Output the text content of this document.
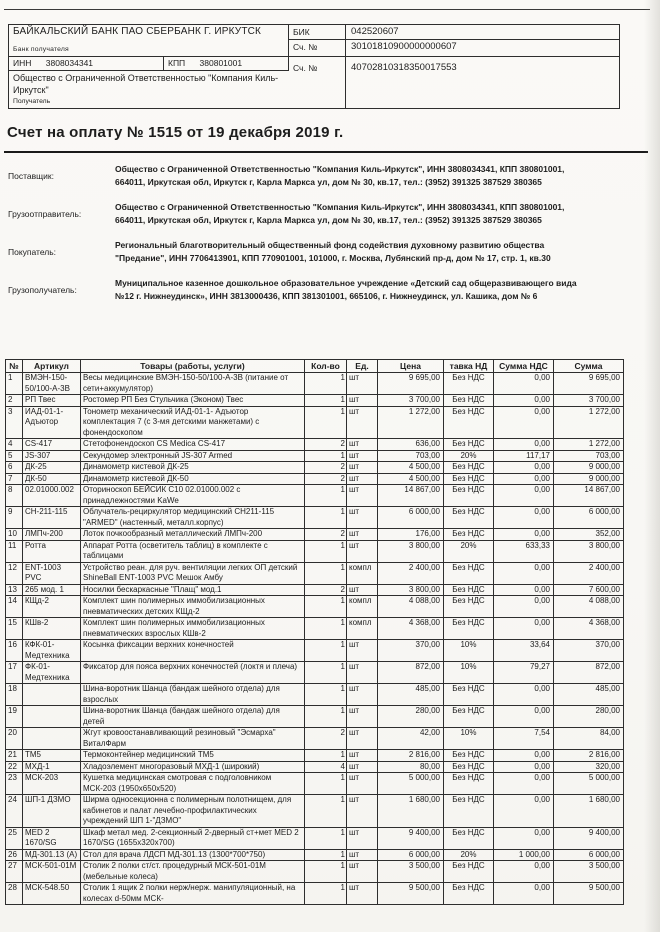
БАЙКАЛЬСКИЙ БАНК ПАО СБЕРБАНК Г. ИРКУТСК
Банк получателя
БИК	042520607
Сч. №	30101810900000000607
ИНН 3808034341	КПП 380801001	Сч. №	40702810318350017553
Общество с Ограниченной Ответственностью "Компания Киль-Иркутск"
Получатель
Счет на оплату № 1515 от 19 декабря 2019 г.
Поставщик:
Общество с Ограниченной Ответственностью "Компания Киль-Иркутск", ИНН 3808034341, КПП 380801001, 664011, Иркутская обл, Иркутск г, Карла Маркса ул, дом № 30, кв.17, тел.: (3952) 391325 387529 380365
Грузоотправитель:
Общество с Ограниченной Ответственностью "Компания Киль-Иркутск", ИНН 3808034341, КПП 380801001, 664011, Иркутская обл, Иркутск г, Карла Маркса ул, дом № 30, кв.17, тел.: (3952) 391325 387529 380365
Покупатель:
Региональный благотворительный общественный фонд содействия духовному развитию общества "Предание", ИНН 7706413901, КПП 770901001, 101000, г. Москва, Лубянский пр-д, дом № 17, стр. 1, кв.30
Грузополучатель:
Муниципальное казенное дошкольное образовательное учреждение «Детский сад общеразвивающего вида №12 г. Нижнеудинск», ИНН 3813000436, КПП 381301001, 665106, г. Нижнеудинск, ул. Кашика, дом № 6
№	Артикул	Товары (работы, услуги)	Кол-во	Ед.	Цена	тавка НД	Сумма НДС	Сумма
1	ВМЭН-150-50/100-А-3В	Весы медицинские ВМЭН-150-50/100-А-3В (питание от сети+аккумулятор)	1	шт	9 695,00	Без НДС	0,00	9 695,00
2	РП Твес	Ростомер РП Без Стульчика (Эконом) Твес	1	шт	3 700,00	Без НДС	0,00	3 700,00
3	ИАД-01-1-Адъютор	Тонометр механический ИАД-01-1- Адъютор комплектация 7 (с 3-мя детскими манжетами) с фонендоскопом	1	шт	1 272,00	Без НДС	0,00	1 272,00
4	CS-417	Стетофонендоскоп CS Medica CS-417	2	шт	636,00	Без НДС	0,00	1 272,00
5	JS-307	Секундомер электронный JS-307 Armed	1	шт	703,00	20%	117,17	703,00
6	ДК-25	Динамометр кистевой ДК-25	2	шт	4 500,00	Без НДС	0,00	9 000,00
7	ДК-50	Динамометр кистевой ДК-50	2	шт	4 500,00	Без НДС	0,00	9 000,00
8	02.01000.002	Оториноскоп БЕЙСИК С10 02.01000.002 с принадлежностями KaWe	1	шт	14 867,00	Без НДС	0,00	14 867,00
9	СН-211-115	Облучатель-рециркулятор медицинский СН211-115 "ARMED" (настенный, металл.корпус)	1	шт	6 000,00	Без НДС	0,00	6 000,00
10	ЛМПч-200	Лоток почкообразный металлический ЛМПч-200	2	шт	176,00	Без НДС	0,00	352,00
11	Ротта	Аппарат Ротта (осветитель таблиц) в комплекте с таблицами	1	шт	3 800,00	20%	633,33	3 800,00
12	ENT-1003 PVC	Устройство реан. для руч. вентиляции легких ОП детский ShineBall ENT-1003 PVC Мешок Амбу	1	компл	2 400,00	Без НДС	0,00	2 400,00
13	265 мод. 1	Носилки бескаркасные "Плащ" мод.1	2	шт	3 800,00	Без НДС	0,00	7 600,00
14	КЩд-2	Комплект шин полимерных иммобилизационных пневматических детских КЩд-2	1	компл	4 088,00	Без НДС	0,00	4 088,00
15	КШв-2	Комплект шин полимерных иммобилизационных пневматических взрослых КШв-2	1	компл	4 368,00	Без НДС	0,00	4 368,00
16	КФК-01-Медтехника	Косынка фиксации верхних конечностей	1	шт	370,00	10%	33,64	370,00
17	ФК-01-Медтехника	Фиксатор для пояса верхних конечностей (локтя и плеча)	1	шт	872,00	10%	79,27	872,00
18		Шина-воротник Шанца (бандаж шейного отдела) для взрослых	1	шт	485,00	Без НДС	0,00	485,00
19		Шина-воротник Шанца (бандаж шейного отдела) для детей	1	шт	280,00	Без НДС	0,00	280,00
20		Жгут кровоостанавливающий резиновый "Эсмарха" ВиталФарм	2	шт	42,00	10%	7,54	84,00
21	ТМ5	Термоконтейнер медицинский ТМ5	1	шт	2 816,00	Без НДС	0,00	2 816,00
22	МХД-1	Хладоэлемент многоразовый МХД-1 (широкий)	4	шт	80,00	Без НДС	0,00	320,00
23	МСК-203	Кушетка медицинская смотровая с подголовником МСК-203 (1950x650x520)	1	шт	5 000,00	Без НДС	0,00	5 000,00
24	ШП-1 ДЗМО	Ширма односекционна с полимерным полотнищем, для кабинетов и палат лечебно-профилактических учреждений ШП 1-"ДЗМО"	1	шт	1 680,00	Без НДС	0,00	1 680,00
25	MED 2 1670/SG	Шкаф метал мед. 2-секционный 2-дверный ст+мет MED 2 1670/SG (1655x320x700)	1	шт	9 400,00	Без НДС	0,00	9 400,00
26	МД-301.13 (А)	Стол для врача ЛДСП МД-301.13 (1300*700*750)	1	шт	6 000,00	20%	1 000,00	6 000,00
27	МСК-501-01М	Столик 2 полки ст/ст. процедурный МСК-501-01М (мебельные колеса)	1	шт	3 500,00	Без НДС	0,00	3 500,00
28	МСК-548.50	Столик 1 ящик 2 полки нерж/нерж. манипуляционный, на колесах d-50мм МСК-	1	шт	9 500,00	Без НДС	0,00	9 500,00
